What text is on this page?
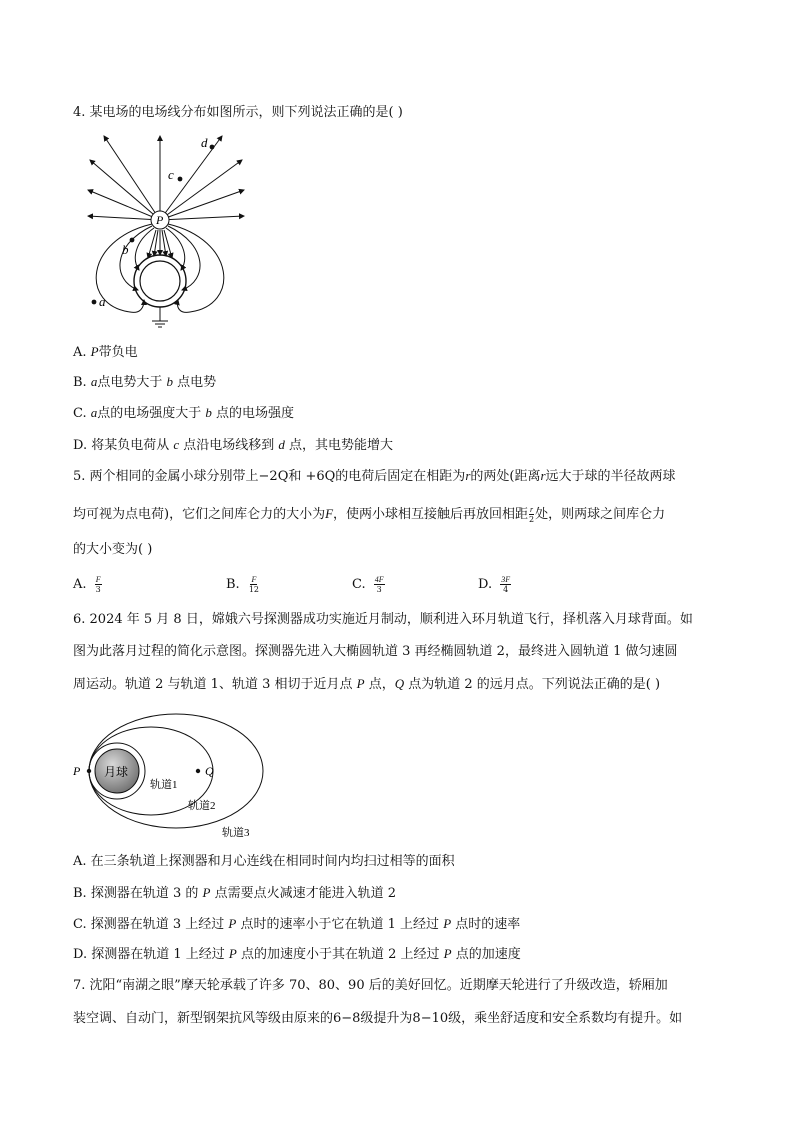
4. 某电场的电场线分布如图所示，则下列说法正确的是( )
P
d
c
b
a
A. P带负电
B. a点电势大于 b 点电势
C. a点的电场强度大于 b 点的电场强度
D. 将某负电荷从 c 点沿电场线移到 d 点，其电势能增大
5. 两个相同的金属小球分别带上−2Q和 +6Q的电荷后固定在相距为r的两处(距离r远大于球的半径故两球
均可视为点电荷)，它们之间库仑力的大小为F，使两小球相互接触后再放回相距 $\frac{r}{2}$ 处，则两球之间库仑力
的大小变为( )
A. $\frac{F}{3}$	B. $\frac{F}{12}$	C. $\frac{4F}{3}$	D. $\frac{3F}{4}$
6. 2024 年 5 月 8 日，嫦娥六号探测器成功实施近月制动，顺利进入环月轨道飞行，择机落入月球背面。如
图为此落月过程的简化示意图。探测器先进入大椭圆轨道 3 再经椭圆轨道 2，最终进入圆轨道 1 做匀速圆
周运动。轨道 2 与轨道 1、轨道 3 相切于近月点 P 点，Q 点为轨道 2 的远月点。下列说法正确的是( )
月球
P	Q
轨道1
轨道2
轨道3
A. 在三条轨道上探测器和月心连线在相同时间内均扫过相等的面积
B. 探测器在轨道 3 的 P 点需要点火减速才能进入轨道 2
C. 探测器在轨道 3 上经过 P 点时的速率小于它在轨道 1 上经过 P 点时的速率
D. 探测器在轨道 1 上经过 P 点的加速度小于其在轨道 2 上经过 P 点的加速度
7. 沈阳“南湖之眼”摩天轮承载了许多 70、80、90 后的美好回忆。近期摩天轮进行了升级改造，轿厢加
装空调、自动门，新型钢架抗风等级由原来的6−8级提升为8−10级，乘坐舒适度和安全系数均有提升。如
